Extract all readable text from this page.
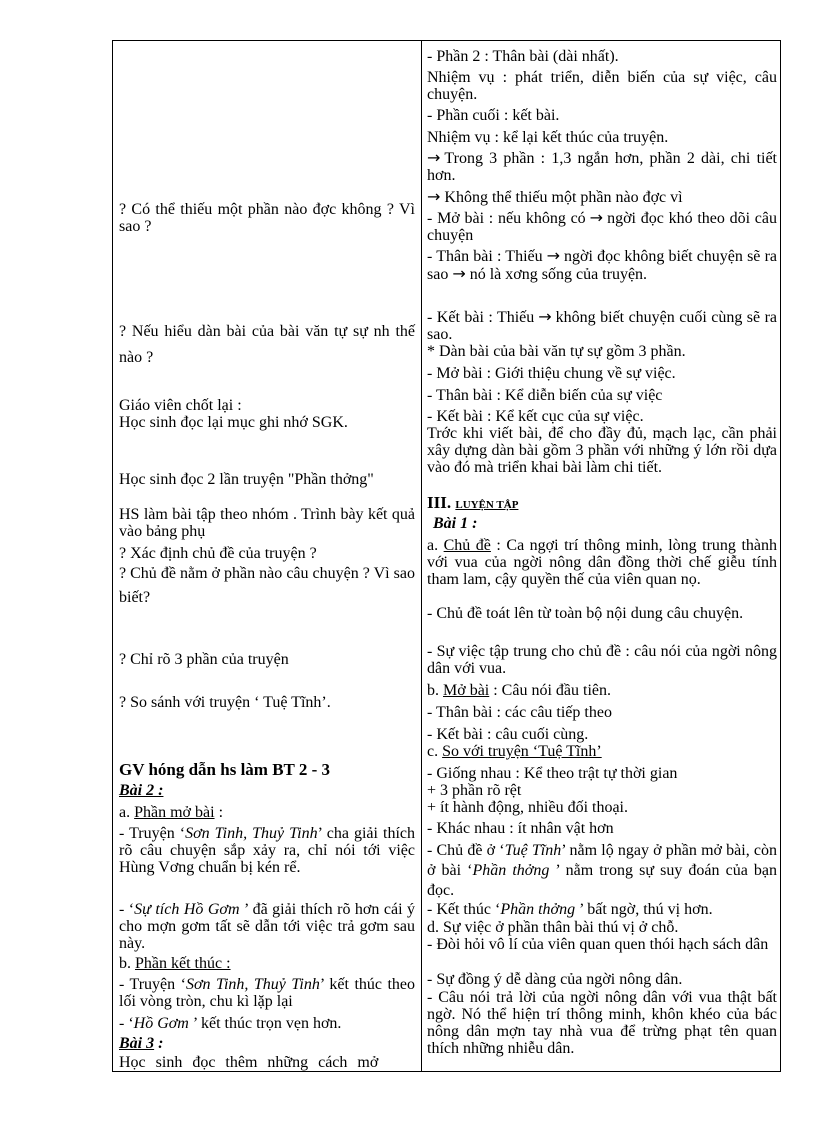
? Có thể thiếu một phần nào đợc không ? Vì sao ?

? Nếu hiểu dàn bài của bài văn tự sự nh thế nào ?

Giáo viên chốt lại :

Học sinh đọc lại mục ghi nhớ SGK.

Học sinh đọc 2 lần truyện "Phần thởng"

HS làm bài tập theo nhóm . Trình bày kết quả vào bảng phụ

? Xác định chủ đề của truyện ?

? Chủ đề nằm ở phần nào câu chuyện ? Vì sao biết?

? Chỉ rõ 3 phần của truyện

? So sánh với truyện ‘ Tuệ Tĩnh’.

GV hóng dẫn hs làm BT 2 - 3

Bài 2 :

a. Phần mở bài :

- Truyện ‘Sơn Tinh, Thuỷ Tinh’ cha giải thích rõ câu chuyện sắp xảy ra, chỉ nói tới việc Hùng Vơng chuẩn bị kén rể.

- ‘Sự tích Hồ Gơm ’ đã giải thích rõ hơn cái ý cho mợn gơm tất sẽ dẫn tới việc trả gơm sau này.

b. Phần kết thúc :

- Truyện ‘Sơn Tinh, Thuỷ Tinh’ kết thúc theo lối vòng tròn, chu kì lặp lại

- ‘Hồ Gơm ’ kết thúc trọn vẹn hơn.

Bài 3 :

Học sinh đọc thêm những cách mở

- Phần 2 : Thân bài (dài nhất).

Nhiệm vụ : phát triển, diễn biến của sự việc, câu chuyện.

- Phần cuối : kết bài.

Nhiệm vụ : kể lại kết thúc của truyện.

→ Trong 3 phần : 1,3 ngắn hơn, phần 2 dài, chi tiết hơn.

→ Không thể thiếu một phần nào đợc vì

- Mở bài : nếu không có → ngời đọc khó theo dõi câu chuyện

- Thân bài : Thiếu → ngời đọc không biết chuyện sẽ ra sao → nó là xơng sống của truyện.

- Kết bài : Thiếu → không biết chuyện cuối cùng sẽ ra sao.

* Dàn bài của bài văn tự sự gồm 3 phần.

- Mở bài : Giới thiệu chung về sự việc.

- Thân bài : Kể diễn biến của sự việc

- Kết bài : Kể kết cục của sự việc.

Trớc khi viết bài, để cho đầy đủ, mạch lạc, cần phải xây dựng dàn bài gồm 3 phần với những ý lớn rồi dựa vào đó mà triển khai bài làm chi tiết.

III. LUYỆN TẬP

Bài 1 :

a. Chủ đề : Ca ngợi trí thông minh, lòng trung thành với vua của ngời nông dân đồng thời chế giễu tính tham lam, cậy quyền thế của viên quan nọ.

- Chủ đề toát lên từ toàn bộ nội dung câu chuyện.

- Sự việc tập trung cho chủ đề : câu nói của ngời nông dân với vua.

b. Mở bài : Câu nói đầu tiên.

- Thân bài : các câu tiếp theo

- Kết bài : câu cuối cùng.

c. So với truyện ‘Tuệ Tĩnh’

- Giống nhau : Kể theo trật tự thời gian

+ 3 phần rõ rệt

+ ít hành động, nhiều đối thoại.

- Khác nhau : ít nhân vật hơn

- Chủ đề ở ‘Tuệ Tĩnh’ nằm lộ ngay ở phần mở bài, còn ở bài ‘Phần thởng ’ nằm trong sự suy đoán của bạn đọc.

- Kết thúc ‘Phần thởng ’ bất ngờ, thú vị hơn.

d. Sự việc ở phần thân bài thú vị ở chỗ.

- Đòi hỏi vô lí của viên quan quen thói hạch sách dân

- Sự đồng ý dễ dàng của ngời nông dân.

- Câu nói trả lời của ngời nông dân với vua thật bất ngờ. Nó thể hiện trí thông minh, khôn khéo của bác nông dân mợn tay nhà vua để trừng phạt tên quan thích những nhiễu dân.
